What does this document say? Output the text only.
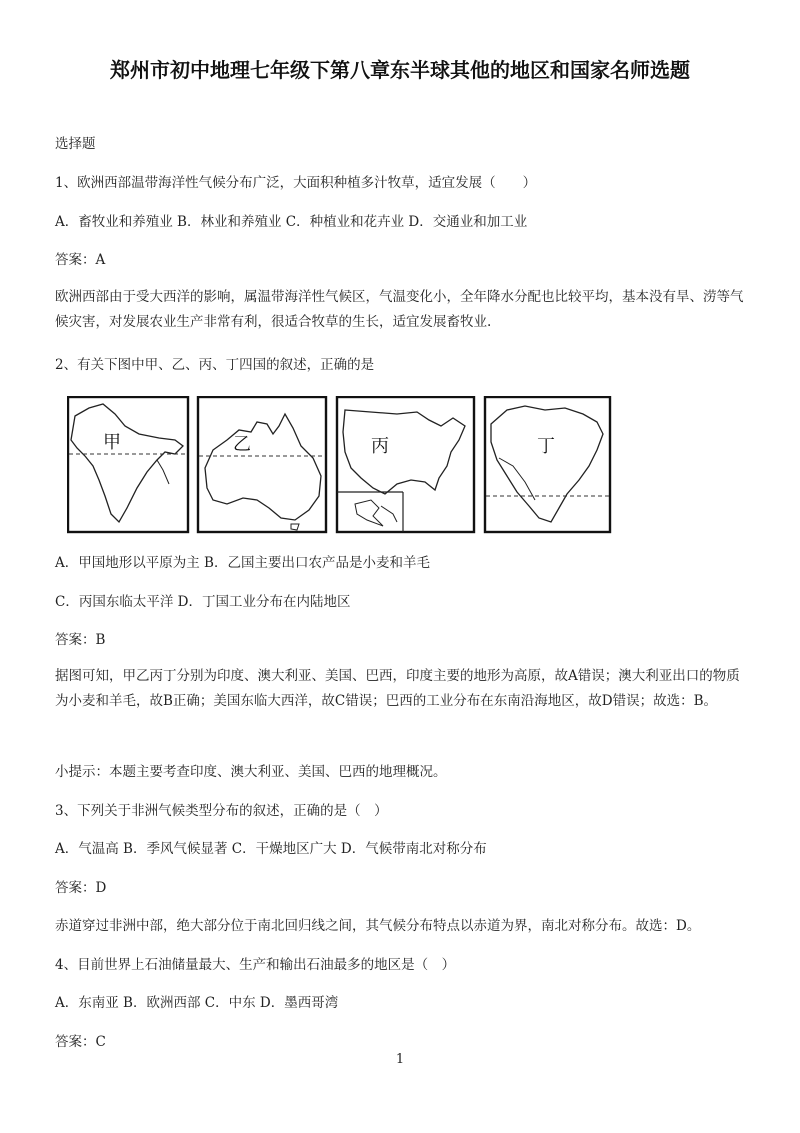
郑州市初中地理七年级下第八章东半球其他的地区和国家名师选题
选择题
1、欧洲西部温带海洋性气候分布广泛，大面积种植多汁牧草，适宜发展（　　）
A．畜牧业和养殖业 B．林业和养殖业 C．种植业和花卉业 D．交通业和加工业
答案：A
欧洲西部由于受大西洋的影响，属温带海洋性气候区，气温变化小，全年降水分配也比较平均，基本没有旱、涝等气候灾害，对发展农业生产非常有利，很适合牧草的生长，适宜发展畜牧业.
2、有关下图中甲、乙、丙、丁四国的叙述，正确的是
甲	乙	丙	丁
A．甲国地形以平原为主 B．乙国主要出口农产品是小麦和羊毛
C．丙国东临太平洋 D．丁国工业分布在内陆地区
答案：B
据图可知，甲乙丙丁分别为印度、澳大利亚、美国、巴西，印度主要的地形为高原，故A错误；澳大利亚出口的物质为小麦和羊毛，故B正确；美国东临大西洋，故C错误；巴西的工业分布在东南沿海地区，故D错误；故选：B。
小提示：本题主要考查印度、澳大利亚、美国、巴西的地理概况。
3、下列关于非洲气候类型分布的叙述，正确的是（　）
A．气温高 B．季风气候显著 C．干燥地区广大 D．气候带南北对称分布
答案：D
赤道穿过非洲中部，绝大部分位于南北回归线之间，其气候分布特点以赤道为界，南北对称分布。故选：D。
4、目前世界上石油储量最大、生产和输出石油最多的地区是（　）
A．东南亚 B．欧洲西部 C．中东 D．墨西哥湾
答案：C
1
